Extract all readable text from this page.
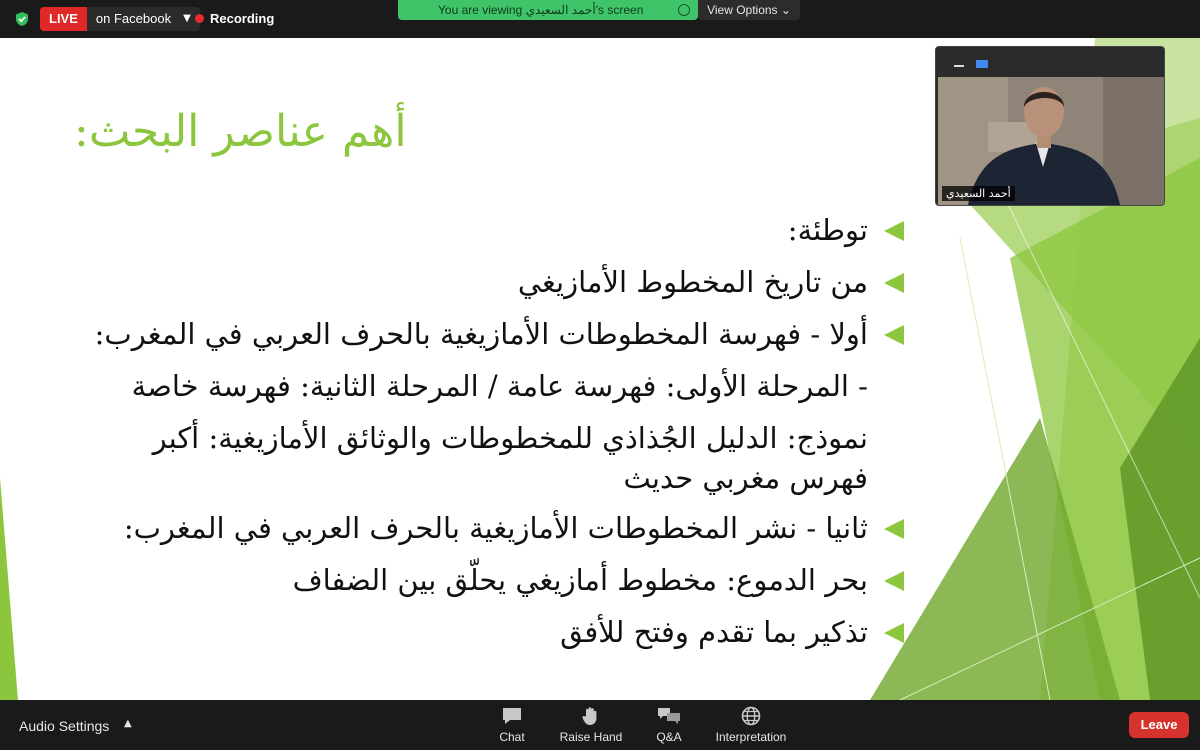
LIVE	on Facebook	▼	Recording
You are viewing أحمد السعيدي's screen	View Options ⌄
أهم عناصر البحث:
توطئة:
من تاريخ المخطوط الأمازيغي
أولا - فهرسة المخطوطات الأمازيغية بالحرف العربي في المغرب:
- المرحلة الأولى: فهرسة عامة / المرحلة الثانية: فهرسة خاصة
نموذج: الدليل الجُذاذي للمخطوطات والوثائق الأمازيغية: أكبر فهرس مغربي حديث
ثانيا - نشر المخطوطات الأمازيغية بالحرف العربي في المغرب:
بحر الدموع: مخطوط أمازيغي يحلّق بين الضفاف
تذكير بما تقدم وفتح للأفق
أحمد السعيدي
Audio Settings ▲
Chat	Raise Hand	Q&A	Interpretation
Leave
